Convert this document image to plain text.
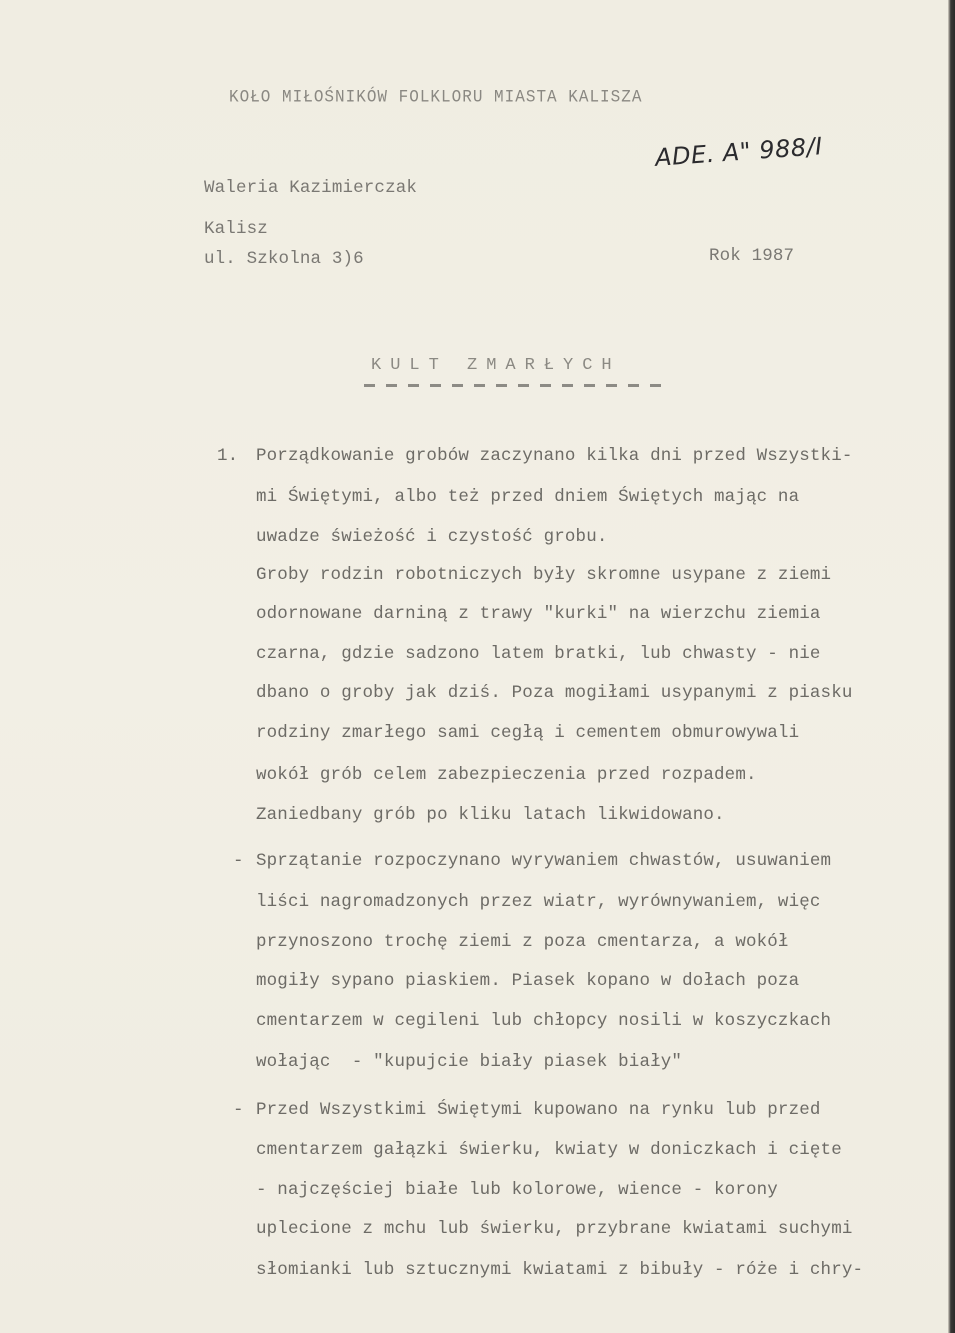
KOŁO MIŁOŚNIKÓW FOLKLORU MIASTA KALISZA
ADE. A" 988/I
Waleria Kazimierczak
Kalisz
ul. Szkolna 3)6	Rok 1987
KULT ZMARŁYCH
1. Porządkowanie grobów zaczynano kilka dni przed Wszystki-
mi Świętymi, albo też przed dniem Świętych mając na
uwadze świeżość i czystość grobu.
Groby rodzin robotniczych były skromne usypane z ziemi
odornowane darniną z trawy "kurki" na wierzchu ziemia
czarna, gdzie sadzono latem bratki, lub chwasty - nie
dbano o groby jak dziś. Poza mogiłami usypanymi z piasku
rodziny zmarłego sami cegłą i cementem obmurowywali
wokół grób celem zabezpieczenia przed rozpadem.
Zaniedbany grób po kliku latach likwidowano.
- Sprzątanie rozpoczynano wyrywaniem chwastów, usuwaniem
liści nagromadzonych przez wiatr, wyrównywaniem, więc
przynoszono trochę ziemi z poza cmentarza, a wokół
mogiły sypano piaskiem. Piasek kopano w dołach poza
cmentarzem w cegileni lub chłopcy nosili w koszyczkach
wołając  - "kupujcie biały piasek biały"
- Przed Wszystkimi Świętymi kupowano na rynku lub przed
cmentarzem gałązki świerku, kwiaty w doniczkach i cięte
- najczęściej białe lub kolorowe, wience - korony
uplecione z mchu lub świerku, przybrane kwiatami suchymi
słomianki lub sztucznymi kwiatami z bibuły - róże i chry-
